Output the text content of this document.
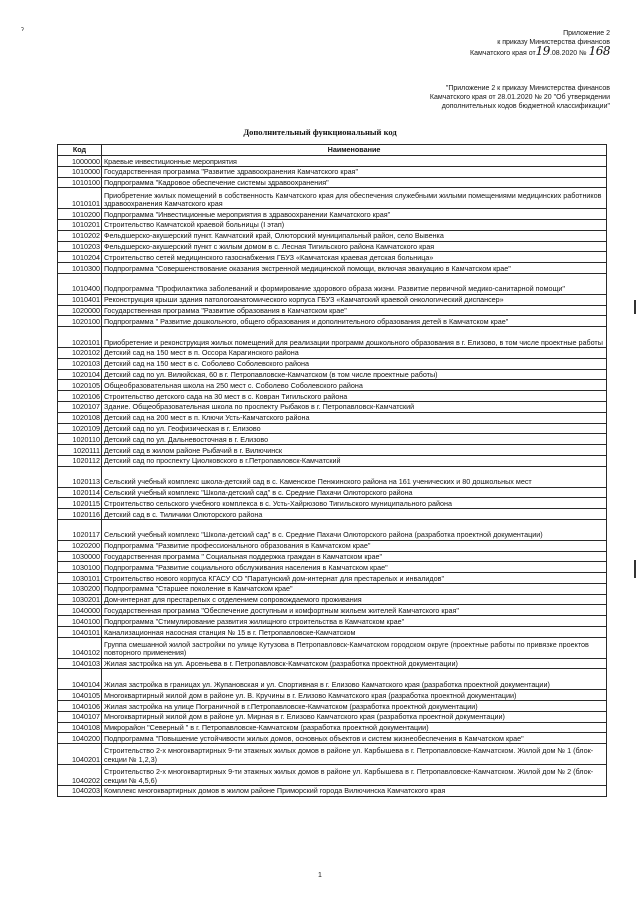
ˀ	Приложение 2
к приказу Министерства финансов
Камчатского края от19.08.2020 № 168
"Приложение 2 к приказу Министерства финансов
Камчатского края от 28.01.2020 № 20 "Об утверждении
дополнительных кодов бюджетной классификации"
Дополнительный функциональный код
Код	Наименование
1000000	Краевые инвестиционные мероприятия
1010000	Государственная программа "Развитие здравоохранения Камчатского края"
1010100	Подпрограмма "Кадровое обеспечение системы здравоохранения"
1010101	Приобретение жилых помещений в собственность Камчатского края для обеспечения служебными жилыми помещениями медицинских работников здравоохранения Камчатского края
1010200	Подпрограмма "Инвестиционные мероприятия в здравоохранении Камчатского края"
1010201	Строительство Камчатской краевой больницы (I этап)
1010202	Фельдшерско-акушерский пункт. Камчатский край, Олюторский муниципальный район, село Вывенка
1010203	Фельдшерско-акушерский пункт с жилым домом в с. Лесная Тигильского района Камчатского края
1010204	Строительство сетей медицинского газоснабжения ГБУЗ «Камчатская краевая детская больница»
1010300	Подпрограмма "Совершенствование оказания экстренной медицинской помощи, включая эвакуацию в Камчатском крае"
1010400	Подпрограмма "Профилактика заболеваний и формирование здорового образа жизни. Развитие первичной медико-санитарной помощи"
1010401	Реконструкция крыши здания патологоанатомического корпуса ГБУЗ «Камчатский краевой онкологический диспансер»
1020000	Государственная программа "Развитие образования в Камчатском крае"
1020100	Подпрограмма " Развитие дошкольного, общего образования и дополнительного образования детей в Камчатском крае"
1020101	Приобретение и реконструкция жилых помещений для реализации программ дошкольного образования в г. Елизово, в том числе проектные работы
1020102	Детский сад на 150 мест в п. Оссора Карагинского района
1020103	Детский сад на 150 мест в с. Соболево Соболевского района
1020104	Детский сад по ул. Вилюйская, 60 в г. Петропавловске-Камчатском (в том числе проектные работы)
1020105	Общеобразовательная школа на 250 мест с. Соболево Соболевского района
1020106	Строительство детского сада на 30 мест в с. Ковран Тигильского района
1020107	Здание. Общеобразовательная школа по проспекту Рыбаков в г. Петропавловск-Камчатский
1020108	Детский сад на 200 мест в п. Ключи Усть-Камчатского района
1020109	Детский сад по ул. Геофизическая в г. Елизово
1020110	Детский сад по ул. Дальневосточная в г. Елизово
1020111	Детский сад в жилом районе Рыбачий в г. Вилючинск
1020112	Детский сад по проспекту Циолковского в г.Петропавловск-Камчатский
1020113	Сельский учебный комплекс школа-детский сад в с. Каменское Пенжинского района на 161 ученических и 80 дошкольных мест
1020114	Сельский учебный комплекс "Школа-детский сад" в с. Средние Пахачи Олюторского района
1020115	Строительство сельского учебного комплекса в с. Усть-Хайрюзово Тигильского муниципального района
1020116	Детский сад в с. Тиличики Олюторского района
1020117	Сельский учебный комплекс "Школа-детский сад" в с. Средние Пахачи Олюторского района (разработка проектной документации)
1020200	Подпрограмма "Развитие профессионального образования в Камчатском крае"
1030000	Государственная программа " Социальная поддержка граждан в Камчатском крае"
1030100	Подпрограмма "Развитие социального обслуживания населения в Камчатском крае"
1030101	Строительство нового корпуса КГАСУ СО "Паратунский дом-интернат для престарелых и инвалидов"
1030200	Подпрограмма "Старшее поколение в Камчатском крае"
1030201	Дом-интернат для престарелых с отделением сопровождаемого проживания
1040000	Государственная программа "Обеспечение доступным и комфортным жильем жителей Камчатского края"
1040100	Подпрограмма "Стимулирование развития жилищного строительства в Камчатском крае"
1040101	Канализационная насосная станция № 15 в г. Петропавловске-Камчатском
1040102	Группа смешанной жилой застройки по улице Кутузова в Петропавловск-Камчатском городском округе (проектные работы по привязке проектов повторного применения)
1040103	Жилая застройка на ул. Арсеньева в г. Петропавловск-Камчатском (разработка проектной документации)
1040104	Жилая застройка в границах ул. Жупановская и ул. Спортивная в г. Елизово Камчатского края (разработка проектной документации)
1040105	Многоквартирный жилой дом в районе ул. В. Кручины в г. Елизово Камчатского края (разработка проектной документации)
1040106	Жилая застройка на улице Пограничной в г.Петропавловске-Камчатском (разработка проектной документации)
1040107	Многоквартирный жилой дом в районе ул. Мирная в г. Елизово Камчатского края (разработка проектной документации)
1040108	Микрорайон "Северный " в г. Петропавловске-Камчатском (разработка проектной документации)
1040200	Подпрограмма "Повышение устойчивости жилых домов, основных объектов и систем жизнеобеспечения в Камчатском крае"
1040201	Строительство 2-х многоквартирных 9-ти этажных жилых домов в районе ул. Карбышева в г. Петропавловске-Камчатском. Жилой дом № 1 (блок-секции № 1,2,3)
1040202	Строительство 2-х многоквартирных 9-ти этажных жилых домов в районе ул. Карбышева в г. Петропавловске-Камчатском. Жилой дом № 2 (блок-секции № 4,5,6)
1040203	Комплекс многоквартирных домов в жилом районе Приморский города Вилючинска Камчатского края
1
